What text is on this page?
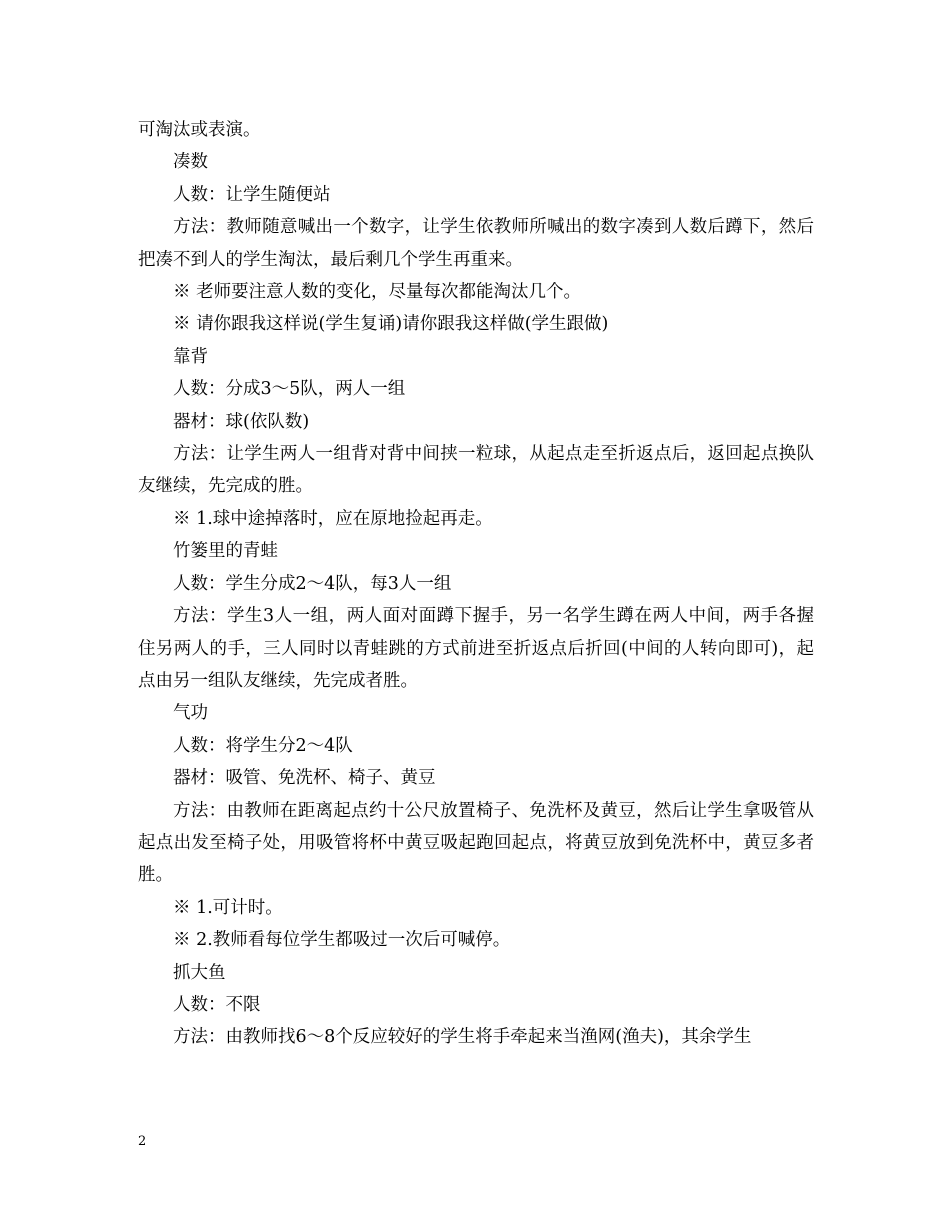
可淘汰或表演。

凑数

人数：让学生随便站

方法：教师随意喊出一个数字，让学生依教师所喊出的数字凑到人数后蹲下，然后把凑不到人的学生淘汰，最后剩几个学生再重来。

※ 老师要注意人数的变化，尽量每次都能淘汰几个。

※ 请你跟我这样说(学生复诵)请你跟我这样做(学生跟做)

靠背

人数：分成3～5队，两人一组

器材：球(依队数)

方法：让学生两人一组背对背中间挟一粒球，从起点走至折返点后，返回起点换队友继续，先完成的胜。

※ 1.球中途掉落时，应在原地捡起再走。

竹篓里的青蛙

人数：学生分成2～4队，每3人一组

方法：学生3人一组，两人面对面蹲下握手，另一名学生蹲在两人中间，两手各握住另两人的手，三人同时以青蛙跳的方式前进至折返点后折回(中间的人转向即可)，起点由另一组队友继续，先完成者胜。

气功

人数：将学生分2～4队

器材：吸管、免洗杯、椅子、黄豆

方法：由教师在距离起点约十公尺放置椅子、免洗杯及黄豆，然后让学生拿吸管从起点出发至椅子处，用吸管将杯中黄豆吸起跑回起点，将黄豆放到免洗杯中，黄豆多者胜。

※ 1.可计时。

※ 2.教师看每位学生都吸过一次后可喊停。

抓大鱼

人数：不限

方法：由教师找6～8个反应较好的学生将手牵起来当渔网(渔夫)，其余学生

2
